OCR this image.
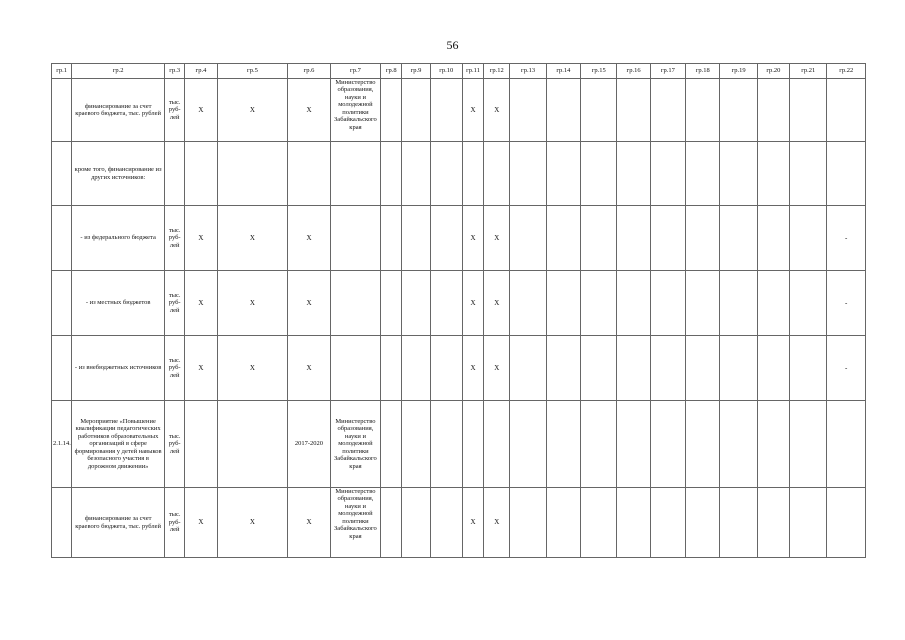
56
гр.1	гр.2	гр.3	гр.4	гр.5	гр.6	гр.7	гр.8	гр.9	гр.10	гр.11	гр.12	гр.13	гр.14	гр.15	гр.16	гр.17	гр.18	гр.19	гр.20	гр.21	гр.22
	финансирование за счет краевого бюджета, тыс. рублей	тыс. руб-лей	X	X	X	Министерство образования, науки и молодежной политики Забайкальского края				X	X										
	кроме того, финансирование из других источников:																				
	- из федерального бюджета	тыс. руб-лей	X	X	X					X	X										-
	- из местных бюджетов	тыс. руб-лей	X	X	X					X	X										-
	- из внебюджетных источников	тыс. руб-лей	X	X	X					X	X										-
2.1.14.	Мероприятие «Повышение квалификации педагогических работников образовательных организаций в сфере формирования у детей навыков безопасного участия в дорожном движении»	тыс. руб-лей			2017-2020	Министерство образования, науки и молодежной политики Забайкальского края															
	финансирование за счет краевого бюджета, тыс. рублей	тыс. руб-лей	X	X	X	Министерство образования, науки и молодежной политики Забайкальского края				X	X										
